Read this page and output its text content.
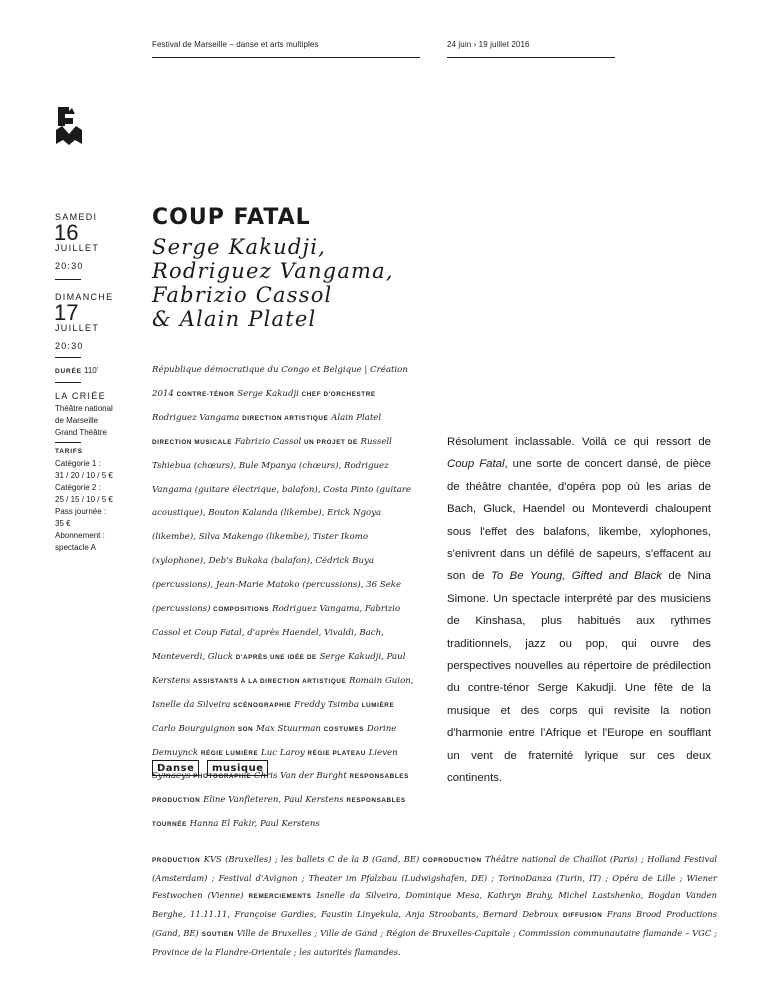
Festival de Marseille – danse et arts multiples	24 juin › 19 juillet 2016
SAMEDI
16
JUILLET
20:30
DIMANCHE
17
JUILLET
20:30
DURÉE 110'
LA CRIÉE
Théâtre national
de Marseille
Grand Théâtre
TARIFS
Catégorie 1 :
31 / 20 / 10 / 5 €
Catégorie 2 :
25 / 15 / 10 / 5 €
Pass journée :
35 €
Abonnement :
spectacle A
COUP FATAL
Serge Kakudji,
Rodriguez Vangama,
Fabrizio Cassol
& Alain Platel
République démocratique du Congo et Belgique | Création 2014 CONTRE-TÉNOR Serge Kakudji CHEF D'ORCHESTRE Rodriguez Vangama DIRECTION ARTISTIQUE Alain Platel DIRECTION MUSICALE Fabrizio Cassol UN PROJET DE Russell Tshiebua (chœurs), Bule Mpanya (chœurs), Rodriguez Vangama (guitare électrique, balafon), Costa Pinto (guitare acoustique), Bouton Kalanda (likembe), Erick Ngoya (likembe), Silva Makengo (likembe), Tister Ikomo (xylophone), Deb's Bukaka (balafon), Cédrick Buya (percussions), Jean-Marie Matoko (percussions), 36 Seke (percussions) COMPOSITIONS Rodriguez Vangama, Fabrizio Cassol et Coup Fatal, d'après Haendel, Vivaldi, Bach, Monteverdi, Gluck D'APRÈS UNE IDÉE DE Serge Kakudji, Paul Kerstens ASSISTANTS À LA DIRECTION ARTISTIQUE Romain Guion, Isnelle da Silveira SCÉNOGRAPHIE Freddy Tsimba LUMIÈRE Carlo Bourguignon SON Max Stuurman COSTUMES Dorine Demuynck RÉGIE LUMIÈRE Luc Laroy RÉGIE PLATEAU Lieven Symaeys PHOTOGRAPHIE Chris Van der Burght RESPONSABLES PRODUCTION Eline Vanfleteren, Paul Kerstens RESPONSABLES TOURNÉE Hanna El Fakir, Paul Kerstens
Résolument inclassable. Voilà ce qui ressort de Coup Fatal, une sorte de concert dansé, de pièce de théâtre chantée, d'opéra pop où les arias de Bach, Gluck, Haendel ou Monteverdi chaloupent sous l'effet des balafons, likembe, xylophones, s'enivrent dans un défilé de sapeurs, s'effacent au son de To Be Young, Gifted and Black de Nina Simone. Un spectacle interprété par des musiciens de Kinshasa, plus habitués aux rythmes traditionnels, jazz ou pop, qui ouvre des perspectives nouvelles au répertoire de prédilection du contre-ténor Serge Kakudji. Une fête de la musique et des corps qui revisite la notion d'harmonie entre l'Afrique et l'Europe en soufflant un vent de fraternité lyrique sur ces deux continents.
Danse	musique
PRODUCTION KVS (Bruxelles) ; les ballets C de la B (Gand, BE) COPRODUCTION Théâtre national de Chaillot (Paris) ; Holland Festival (Amsterdam) ; Festival d'Avignon ; Theater im Pfalzbau (Ludwigshafen, DE) ; TorinoDanza (Turin, IT) ; Opéra de Lille ; Wiener Festwochen (Vienne) REMERCIEMENTS Isnelle da Silveira, Dominique Mesa, Kathryn Brahy, Michel Lastshenko, Bogdan Vanden Berghe, 11.11.11, Françoise Gardies, Faustin Linyekula, Anja Stroobants, Bernard Debroux DIFFUSION Frans Brood Productions (Gand, BE) SOUTIEN Ville de Bruxelles ; Ville de Gand ; Région de Bruxelles-Capitale ; Commission communautaire flamande – VGC ; Province de la Flandre-Orientale ; les autorités flamandes.
